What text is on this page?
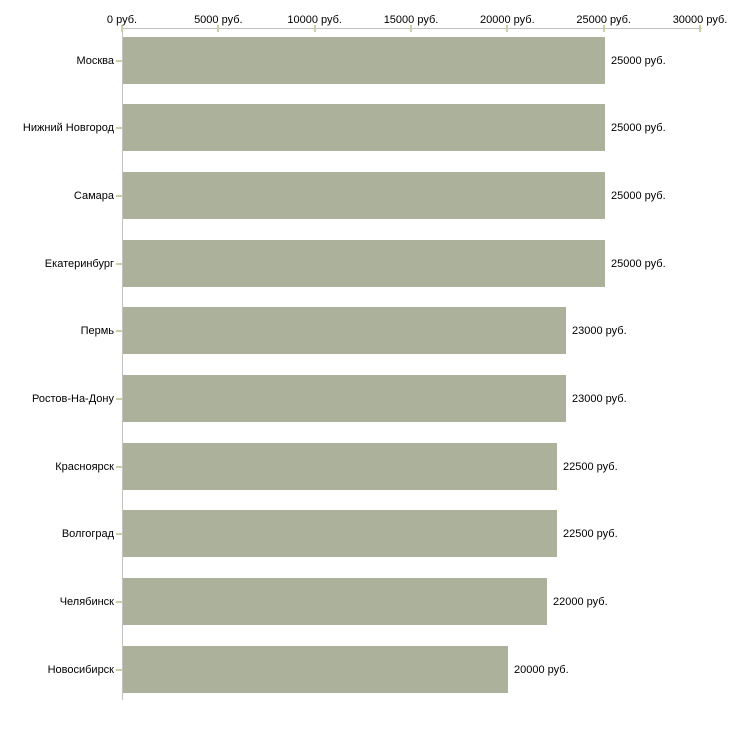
0 руб.	5000 руб.	10000 руб.	15000 руб.	20000 руб.	25000 руб.	30000 руб.
Москва	25000 руб.
Нижний Новгород	25000 руб.
Самара	25000 руб.
Екатеринбург	25000 руб.
Пермь	23000 руб.
Ростов-На-Дону	23000 руб.
Красноярск	22500 руб.
Волгоград	22500 руб.
Челябинск	22000 руб.
Новосибирск	20000 руб.
